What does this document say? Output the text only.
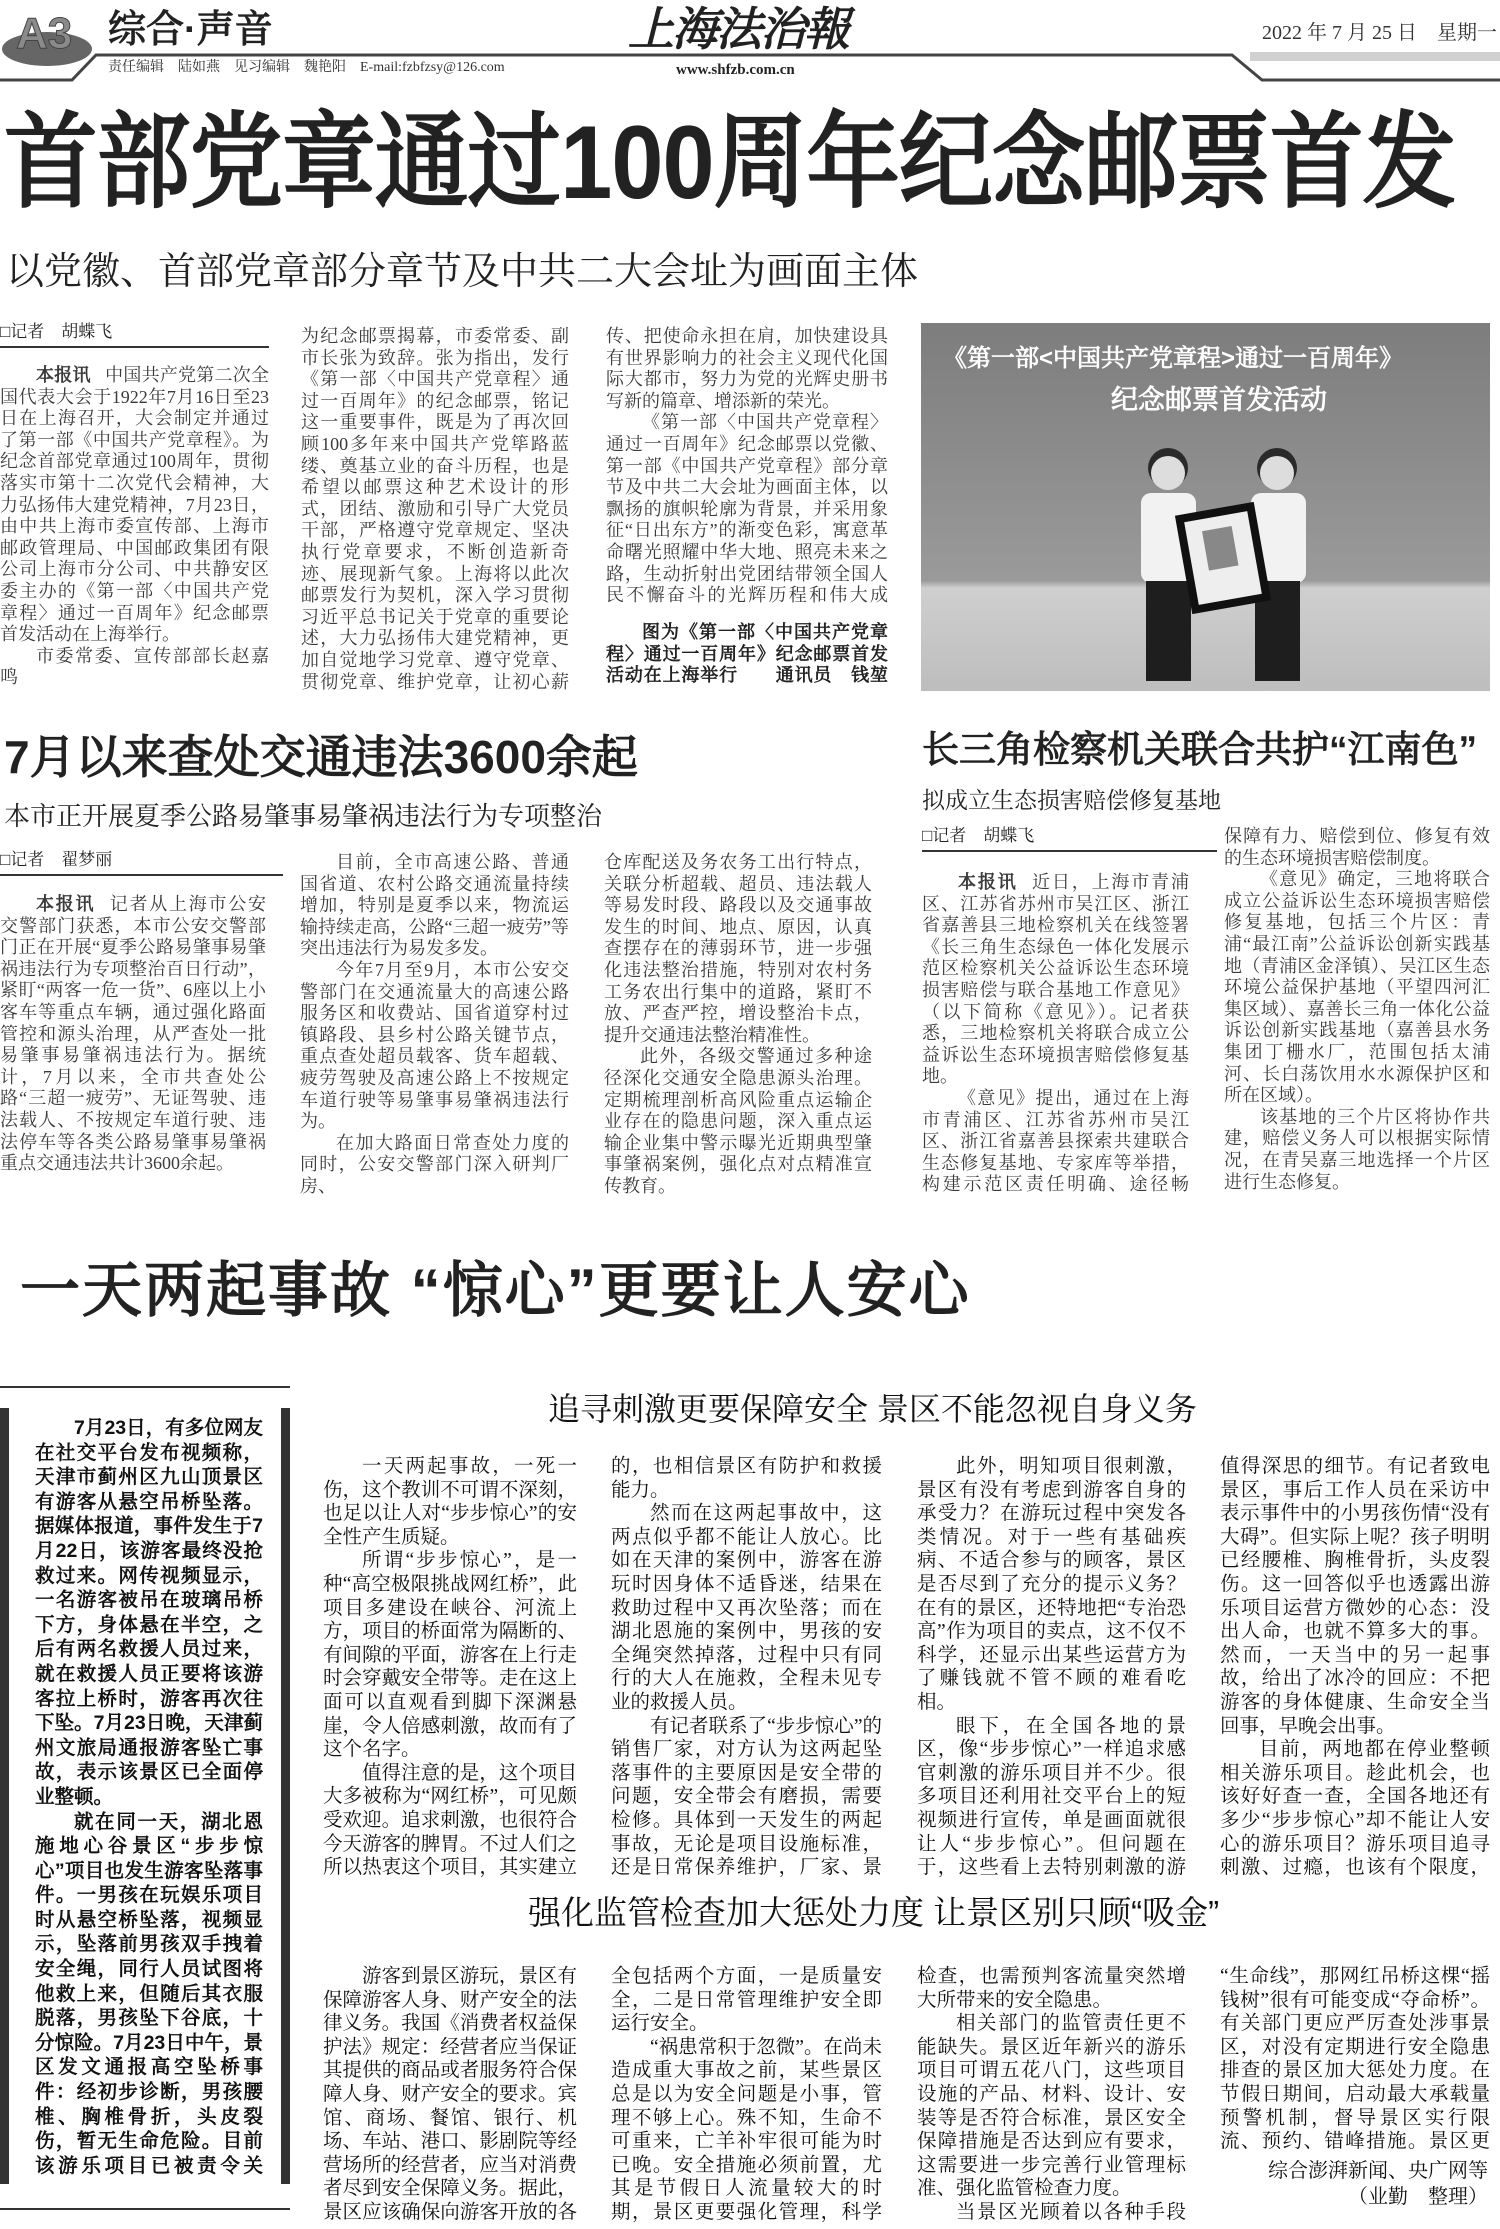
A3 综合·声音	上海法治報	2022 年 7 月 25 日　星期一
责任编辑　陆如燕　见习编辑　魏艳阳　E-mail:fzbfzsy@126.com	www.shfzb.com.cn
首部党章通过100周年纪念邮票首发
以党徽、首部党章部分章节及中共二大会址为画面主体
□记者　胡蝶飞

本报讯 中国共产党第二次全国代表大会于1922年7月16日至23日在上海召开，大会制定并通过了第一部《中国共产党章程》。为纪念首部党章通过100周年，贯彻落实市第十二次党代会精神，大力弘扬伟大建党精神，7月23日，由中共上海市委宣传部、上海市邮政管理局、中国邮政集团有限公司上海市分公司、中共静安区委主办的《第一部〈中国共产党章程〉通过一百周年》纪念邮票首发活动在上海举行。

市委常委、宣传部部长赵嘉鸣

为纪念邮票揭幕，市委常委、副市长张为致辞。张为指出，发行《第一部〈中国共产党章程〉通过一百周年》的纪念邮票，铭记这一重要事件，既是为了再次回顾100多年来中国共产党筚路蓝缕、奠基立业的奋斗历程，也是希望以邮票这种艺术设计的形式，团结、激励和引导广大党员干部，严格遵守党章规定、坚决执行党章要求，不断创造新奇迹、展现新气象。上海将以此次邮票发行为契机，深入学习贯彻习近平总书记关于党章的重要论述，大力弘扬伟大建党精神，更加自觉地学习党章、遵守党章、贯彻党章、维护党章，让初心薪

传、把使命永担在肩，加快建设具有世界影响力的社会主义现代化国际大都市，努力为党的光辉史册书写新的篇章、增添新的荣光。

《第一部〈中国共产党章程〉通过一百周年》纪念邮票以党徽、第一部《中国共产党章程》部分章节及中共二大会址为画面主体，以飘扬的旗帜轮廓为背景，并采用象征“日出东方”的渐变色彩，寓意革命曙光照耀中华大地、照亮未来之路，生动折射出党团结带领全国人民不懈奋斗的光辉历程和伟大成

图为《第一部〈中国共产党章程〉通过一百周年》纪念邮票首发活动在上海举行　　通讯员　钱堃　

《第一部<中国共产党章程>通过一百周年》
纪念邮票首发活动
7月以来查处交通违法3600余起
本市正开展夏季公路易肇事易肇祸违法行为专项整治
□记者　翟梦丽

本报讯 记者从上海市公安交警部门获悉，本市公安交警部门正在开展“夏季公路易肇事易肇祸违法行为专项整治百日行动”，紧盯“两客一危一货”、6座以上小客车等重点车辆，通过强化路面管控和源头治理，从严查处一批易肇事易肇祸违法行为。据统计，7月以来，全市共查处公路“三超一疲劳”、无证驾驶、违法载人、不按规定车道行驶、违法停车等各类公路易肇事易肇祸重点交通违法共计3600余起。

目前，全市高速公路、普通国省道、农村公路交通流量持续增加，特别是夏季以来，物流运输持续走高，公路“三超一疲劳”等突出违法行为易发多发。

今年7月至9月，本市公安交警部门在交通流量大的高速公路服务区和收费站、国省道穿村过镇路段、县乡村公路关键节点，重点查处超员载客、货车超载、疲劳驾驶及高速公路上不按规定车道行驶等易肇事易肇祸违法行为。

在加大路面日常查处力度的同时，公安交警部门深入研判厂房、

仓库配送及务农务工出行特点，关联分析超载、超员、违法载人等易发时段、路段以及交通事故发生的时间、地点、原因，认真查摆存在的薄弱环节，进一步强化违法整治措施，特别对农村务工务农出行集中的道路，紧盯不放、严查严控，增设整治卡点，提升交通违法整治精准性。

此外，各级交警通过多种途径深化交通安全隐患源头治理。定期梳理剖析高风险重点运输企业存在的隐患问题，深入重点运输企业集中警示曝光近期典型肇事肇祸案例，强化点对点精准宣传教育。

长三角检察机关联合共护“江南色”
拟成立生态损害赔偿修复基地
□记者　胡蝶飞

本报讯 近日，上海市青浦区、江苏省苏州市吴江区、浙江省嘉善县三地检察机关在线签署《长三角生态绿色一体化发展示范区检察机关公益诉讼生态环境损害赔偿与联合基地工作意见》（以下简称《意见》）。记者获悉，三地检察机关将联合成立公益诉讼生态环境损害赔偿修复基地。

《意见》提出，通过在上海市青浦区、江苏省苏州市吴江区、浙江省嘉善县探索共建联合生态修复基地、专家库等举措，构建示范区责任明确、途径畅

保障有力、赔偿到位、修复有效的生态环境损害赔偿制度。

《意见》确定，三地将联合成立公益诉讼生态环境损害赔偿修复基地，包括三个片区：青浦“最江南”公益诉讼创新实践基地（青浦区金泽镇）、吴江区生态环境公益保护基地（平望四河汇集区域）、嘉善长三角一体化公益诉讼创新实践基地（嘉善县水务集团丁栅水厂，范围包括太浦河、长白荡饮用水水源保护区和所在区域）。

该基地的三个片区将协作共建，赔偿义务人可以根据实际情况，在青吴嘉三地选择一个片区进行生态修复。

一天两起事故 “惊心”更要让人安心

7月23日，有多位网友在社交平台发布视频称，天津市蓟州区九山顶景区有游客从悬空吊桥坠落。据媒体报道，事件发生于7月22日，该游客最终没抢救过来。网传视频显示，一名游客被吊在玻璃吊桥下方，身体悬在半空，之后有两名救援人员过来，就在救援人员正要将该游客拉上桥时，游客再次往下坠。7月23日晚，天津蓟州文旅局通报游客坠亡事故，表示该景区已全面停业整顿。

就在同一天，湖北恩施地心谷景区“步步惊心”项目也发生游客坠落事件。一男孩在玩娱乐项目时从悬空桥坠落，视频显示，坠落前男孩双手拽着安全绳，同行人员试图将他救上来，但随后其衣服脱落，男孩坠下谷底，十分惊险。7月23日中午，景区发文通报高空坠桥事件：经初步诊断，男孩腰椎、胸椎骨折，头皮裂伤，暂无生命危险。目前该游乐项目已被责令关

追寻刺激更要保障安全 景区不能忽视自身义务

一天两起事故，一死一伤，这个教训不可谓不深刻，也足以让人对“步步惊心”的安全性产生质疑。

所谓“步步惊心”，是一种“高空极限挑战网红桥”，此项目多建设在峡谷、河流上方，项目的桥面常为隔断的、有间隙的平面，游客在上行走时会穿戴安全带等。走在这上面可以直观看到脚下深渊悬崖，令人倍感刺激，故而有了这个名字。

值得注意的是，这个项目大多被称为“网红桥”，可见颇受欢迎。追求刺激，也很符合今天游客的脾胃。不过人们之所以热衷这个项目，其实建立

的，也相信景区有防护和救援能力。

然而在这两起事故中，这两点似乎都不能让人放心。比如在天津的案例中，游客在游玩时因身体不适昏迷，结果在救助过程中又再次坠落；而在湖北恩施的案例中，男孩的安全绳突然掉落，过程中只有同行的大人在施救，全程未见专业的救援人员。

有记者联系了“步步惊心”的销售厂家，对方认为这两起坠落事件的主要原因是安全带的问题，安全带会有磨损，需要检修。具体到一天发生的两起事故，无论是项目设施标准，还是日常保养维护，厂家、景

此外，明知项目很刺激，景区有没有考虑到游客自身的承受力？在游玩过程中突发各类情况。对于一些有基础疾病、不适合参与的顾客，景区是否尽到了充分的提示义务？在有的景区，还特地把“专治恐高”作为项目的卖点，这不仅不科学，还显示出某些运营方为了赚钱就不管不顾的难看吃相。

眼下，在全国各地的景区，像“步步惊心”一样追求感官刺激的游乐项目并不少。很多项目还利用社交平台上的短视频进行宣传，单是画面就很让人“步步惊心”。但问题在于，这些看上去特别刺激的游

值得深思的细节。有记者致电景区，事后工作人员在采访中表示事件中的小男孩伤情“没有大碍”。但实际上呢？孩子明明已经腰椎、胸椎骨折，头皮裂伤。这一回答似乎也透露出游乐项目运营方微妙的心态：没出人命，也就不算多大的事。然而，一天当中的另一起事故，给出了冰冷的回应：不把游客的身体健康、生命安全当回事，早晚会出事。

目前，两地都在停业整顿相关游乐项目。趁此机会，也该好好查一查，全国各地还有多少“步步惊心”却不能让人安心的游乐项目？游乐项目追寻刺激、过瘾，也该有个限度，

强化监管检查加大惩处力度 让景区别只顾“吸金”

游客到景区游玩，景区有保障游客人身、财产安全的法律义务。我国《消费者权益保护法》规定：经营者应当保证其提供的商品或者服务符合保障人身、财产安全的要求。宾馆、商场、餐馆、银行、机场、车站、港口、影剧院等经营场所的经营者，应当对消费者尽到安全保障义务。据此，景区应该确保向游客开放的各

全包括两个方面，一是质量安全，二是日常管理维护安全即运行安全。

“祸患常积于忽微”。在尚未造成重大事故之前，某些景区总是以为安全问题是小事，管理不够上心。殊不知，生命不可重来，亡羊补牢很可能为时已晚。安全措施必须前置，尤其是节假日人流量较大的时期，景区更要强化管理，科学

检查，也需预判客流量突然增大所带来的安全隐患。

相关部门的监管责任更不能缺失。景区近年新兴的游乐项目可谓五花八门，这些项目设施的产品、材料、设计、安装等是否符合标准，景区安全保障措施是否达到应有要求，这需要进一步完善行业管理标准、强化监管检查力度。

当景区光顾着以各种手段

“生命线”，那网红吊桥这棵“摇钱树”很有可能变成“夺命桥”。有关部门更应严厉查处涉事景区，对没有定期进行安全隐患排查的景区加大惩处力度。在节假日期间，启动最大承载量预警机制，督导景区实行限流、预约、错峰措施。景区更

综合澎湃新闻、央广网等
（业勤　整理）
